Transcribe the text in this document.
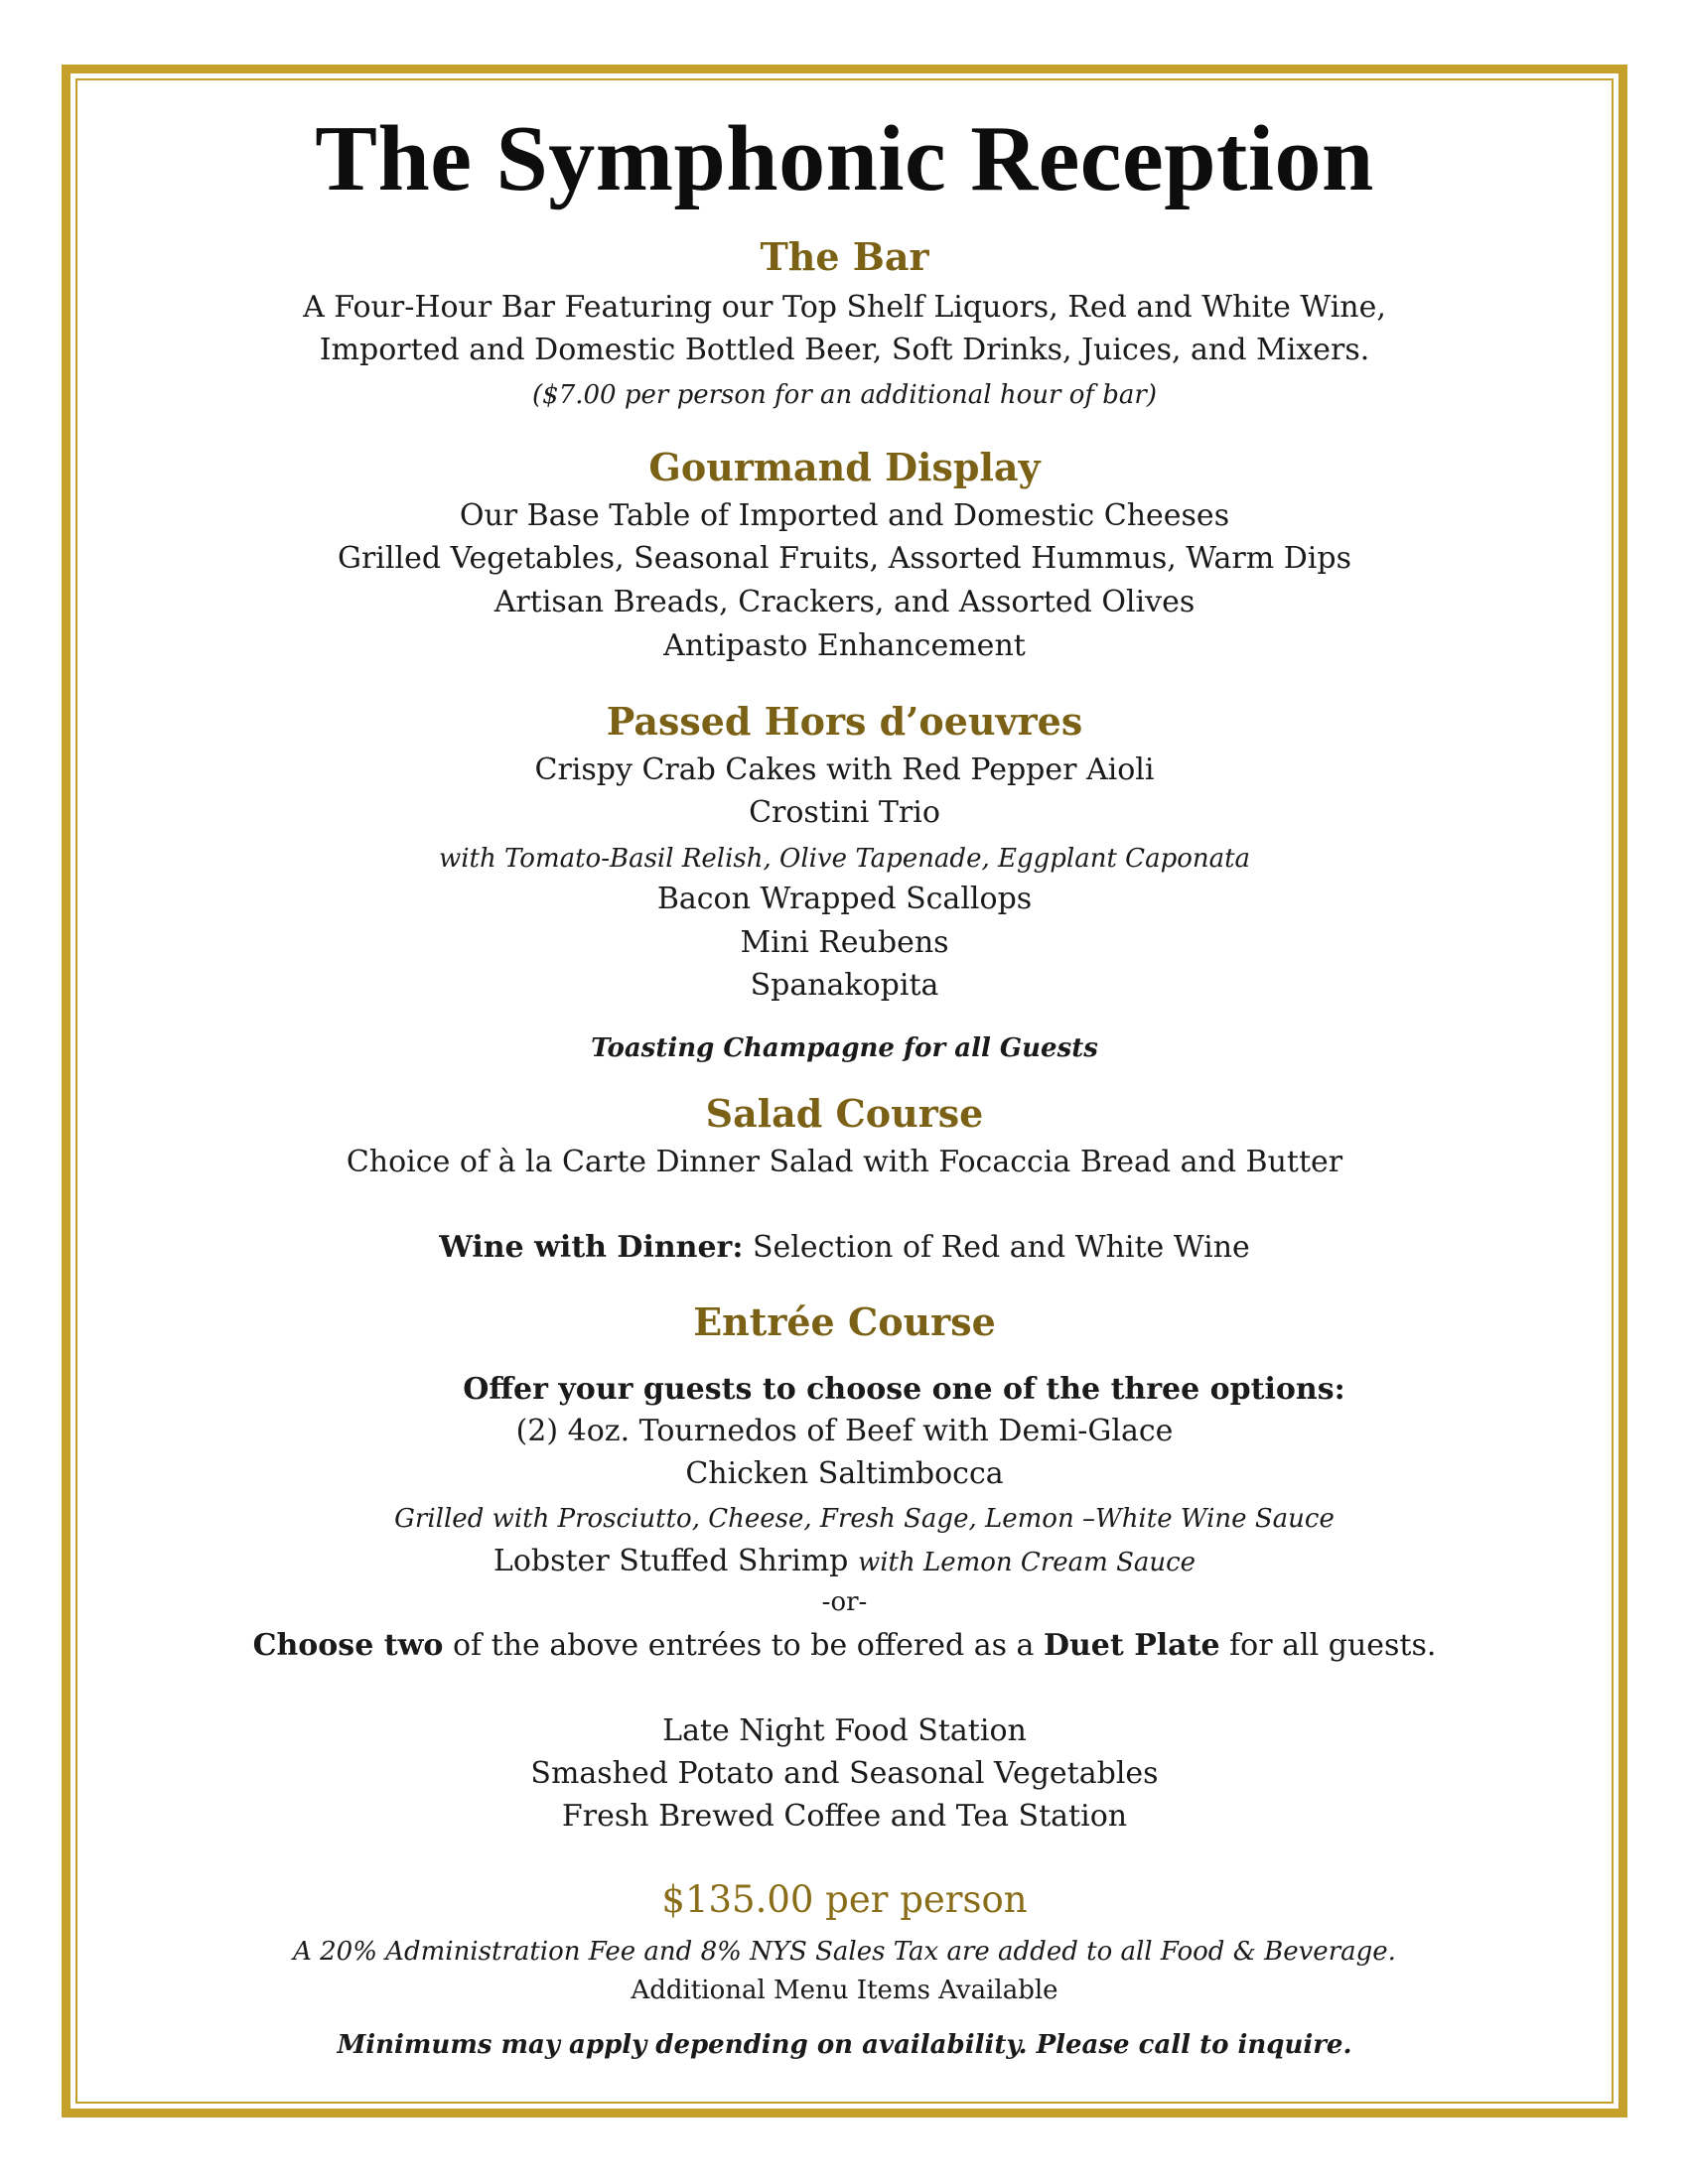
The Symphonic Reception
The Bar
A Four-Hour Bar Featuring our Top Shelf Liquors, Red and White Wine,
Imported and Domestic Bottled Beer, Soft Drinks, Juices, and Mixers.
($7.00 per person for an additional hour of bar)
Gourmand Display
Our Base Table of Imported and Domestic Cheeses
Grilled Vegetables, Seasonal Fruits, Assorted Hummus, Warm Dips
Artisan Breads, Crackers, and Assorted Olives
Antipasto Enhancement
Passed Hors d’oeuvres
Crispy Crab Cakes with Red Pepper Aioli
Crostini Trio
with Tomato-Basil Relish, Olive Tapenade, Eggplant Caponata
Bacon Wrapped Scallops
Mini Reubens
Spanakopita
Toasting Champagne for all Guests
Salad Course
Choice of à la Carte Dinner Salad with Focaccia Bread and Butter
Wine with Dinner: Selection of Red and White Wine
Entrée Course
Offer your guests to choose one of the three options:
(2) 4oz. Tournedos of Beef with Demi-Glace
Chicken Saltimbocca
Grilled with Prosciutto, Cheese, Fresh Sage, Lemon –White Wine Sauce
Lobster Stuffed Shrimp with Lemon Cream Sauce
-or-
Choose two of the above entrées to be offered as a Duet Plate for all guests.
Late Night Food Station
Smashed Potato and Seasonal Vegetables
Fresh Brewed Coffee and Tea Station
$135.00 per person
A 20% Administration Fee and 8% NYS Sales Tax are added to all Food & Beverage.
Additional Menu Items Available
Minimums may apply depending on availability. Please call to inquire.
